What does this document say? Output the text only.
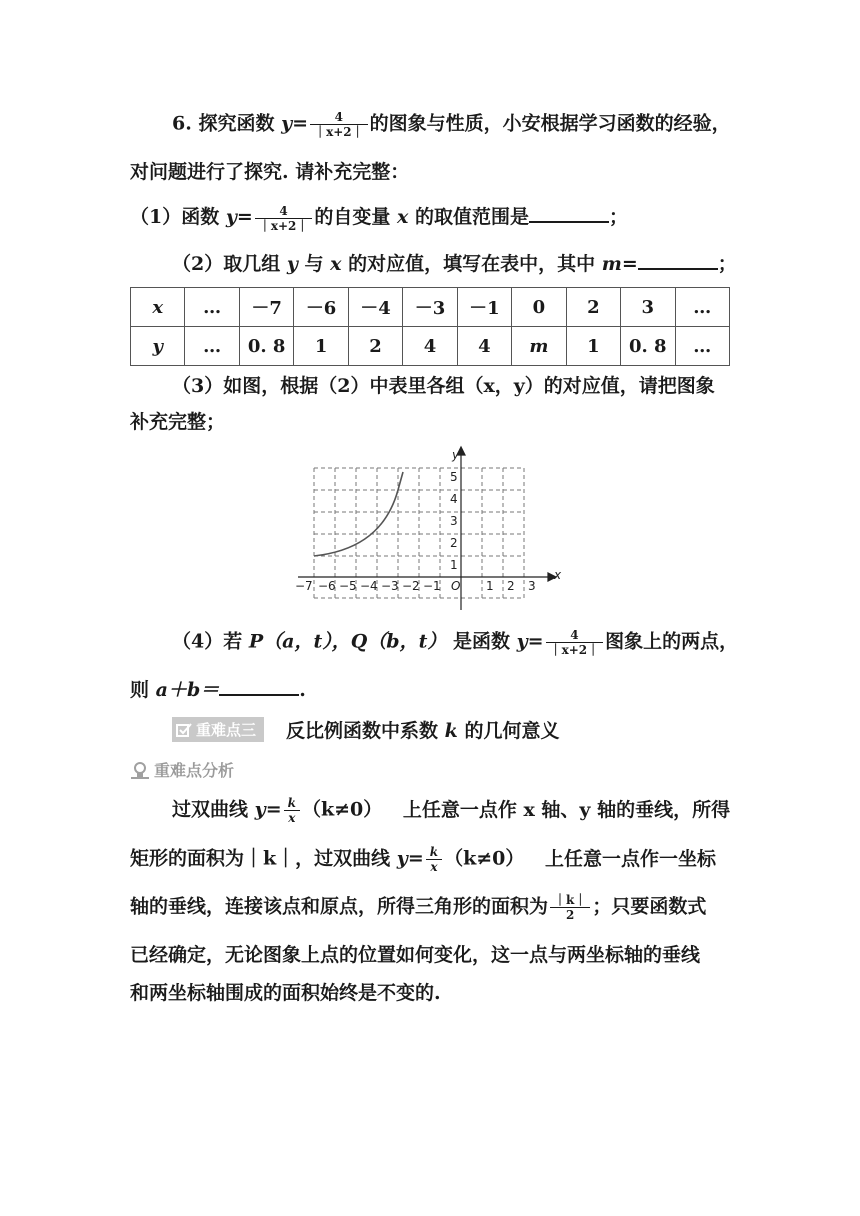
6. 探究函数 $y= \frac{4}{|x+2|}$ 的图象与性质，小安根据学习函数的经验，
对问题进行了探究. 请补充完整：
（1）函数 $y= \frac{4}{|x+2|}$ 的自变量 x 的取值范围是	；
（2）取几组 y 与 x 的对应值，填写在表中，其中 m=	；
x	…	－7	－6	－4	－3	－1	0	2	3	…
y	…	0. 8	1	2	4	4	m	1	0. 8	…
（3）如图，根据（2）中表里各组（x，y）的对应值，请把图象
补充完整；
y
x
O
−7 −6 −5 −4 −3 −2 −1	1 2 3
1
2
3
4
5
（4）若 P（a，t），Q（b，t） 是函数 $y= \frac{4}{|x+2|}$ 图象上的两点，
则 a＋b＝	.
重难点三 反比例函数中系数 k 的几何意义
重难点分析
过双曲线 $y= \frac{k}{x} (k\ne 0)$ 上任意一点作 x 轴、y 轴的垂线，所得
矩形的面积为｜k｜，过双曲线 $y= \frac{k}{x} (k\ne 0)$ 上任意一点作一坐标
轴的垂线，连接该点和原点，所得三角形的面积为 $\frac{|k|}{2}$ ；只要函数式
已经确定，无论图象上点的位置如何变化，这一点与两坐标轴的垂线
和两坐标轴围成的面积始终是不变的.
